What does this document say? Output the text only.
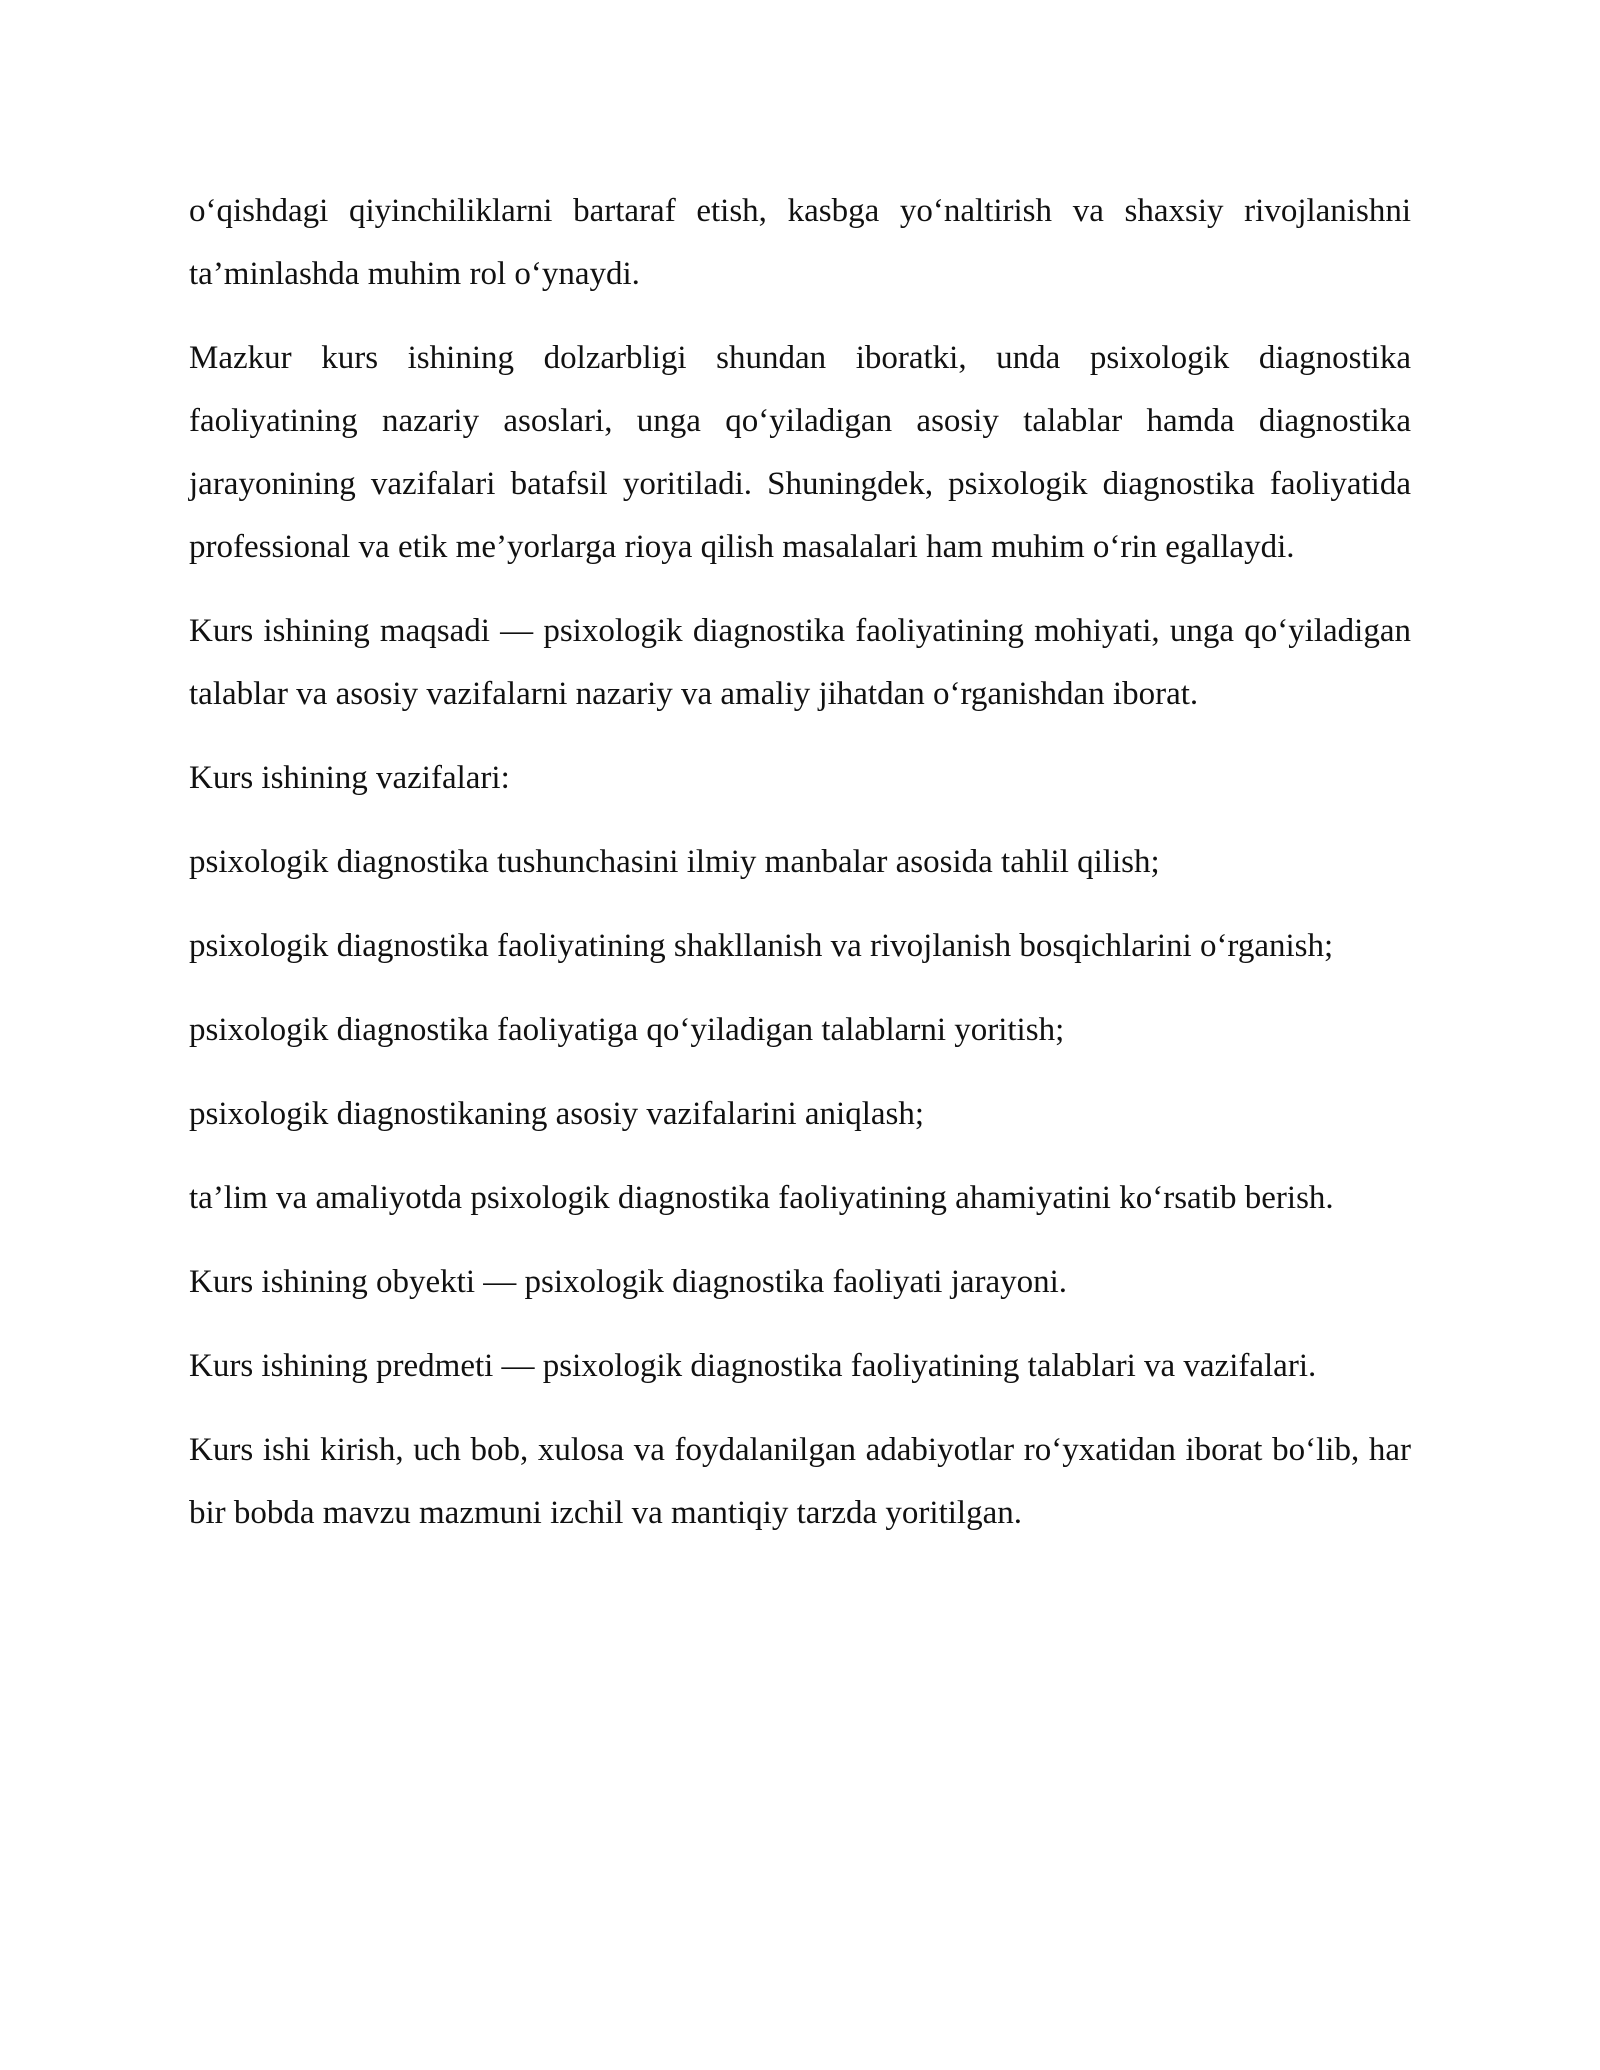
o‘qishdagi qiyinchiliklarni bartaraf etish, kasbga yo‘naltirish va shaxsiy rivojlanishni ta’minlashda muhim rol o‘ynaydi.

Mazkur kurs ishining dolzarbligi shundan iboratki, unda psixologik diagnostika faoliyatining nazariy asoslari, unga qo‘yiladigan asosiy talablar hamda diagnostika jarayonining vazifalari batafsil yoritiladi. Shuningdek, psixologik diagnostika faoliyatida professional va etik me’yorlarga rioya qilish masalalari ham muhim o‘rin egallaydi.

Kurs ishining maqsadi — psixologik diagnostika faoliyatining mohiyati, unga qo‘yiladigan talablar va asosiy vazifalarni nazariy va amaliy jihatdan o‘rganishdan iborat.

Kurs ishining vazifalari:

psixologik diagnostika tushunchasini ilmiy manbalar asosida tahlil qilish;

psixologik diagnostika faoliyatining shakllanish va rivojlanish bosqichlarini o‘rganish;

psixologik diagnostika faoliyatiga qo‘yiladigan talablarni yoritish;

psixologik diagnostikaning asosiy vazifalarini aniqlash;

ta’lim va amaliyotda psixologik diagnostika faoliyatining ahamiyatini ko‘rsatib berish.

Kurs ishining obyekti — psixologik diagnostika faoliyati jarayoni.

Kurs ishining predmeti — psixologik diagnostika faoliyatining talablari va vazifalari.

Kurs ishi kirish, uch bob, xulosa va foydalanilgan adabiyotlar ro‘yxatidan iborat bo‘lib, har bir bobda mavzu mazmuni izchil va mantiqiy tarzda yoritilgan.
